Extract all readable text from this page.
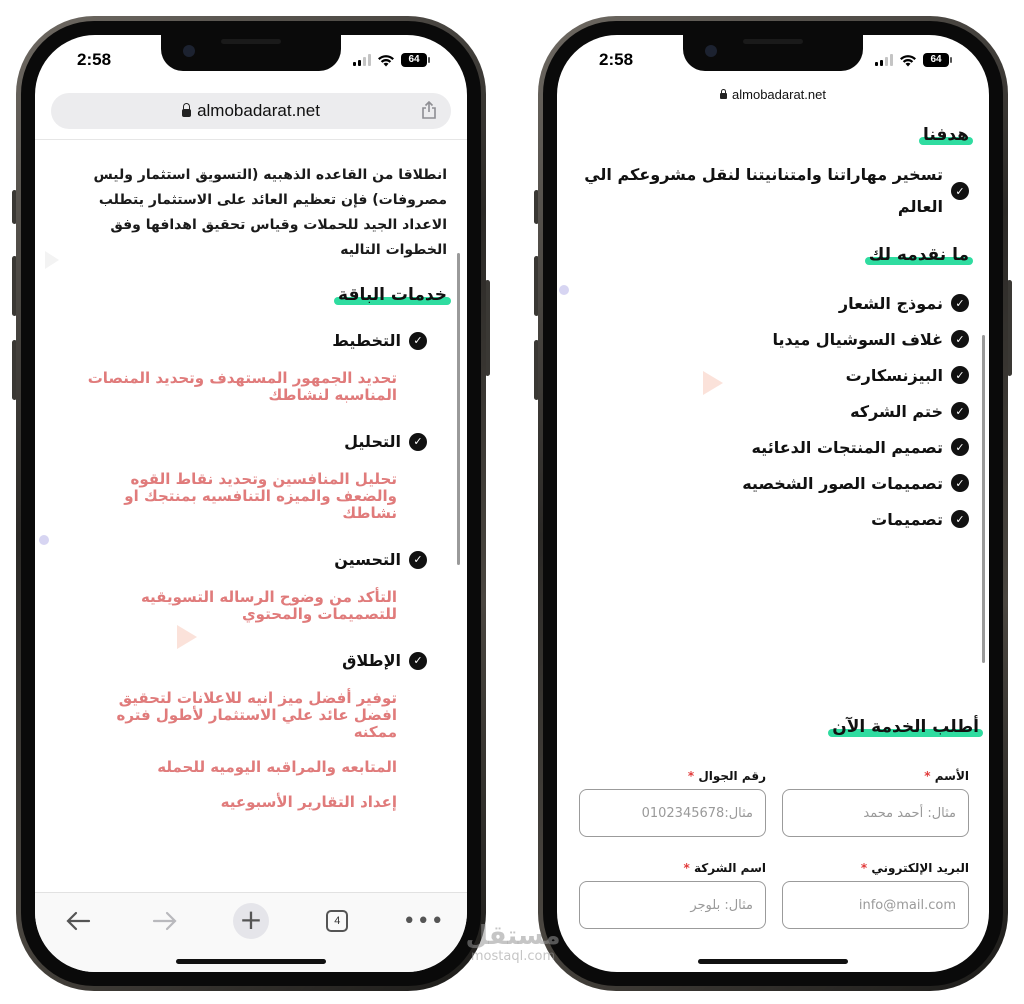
2:58	64
almobadarat.net

انطلاقا من القاعده الذهبيه (التسويق استثمار وليس مصروفات) فإن تعظيم العائد على الاستثمار يتطلب الاعداد الجيد للحملات وقياس تحقيق اهدافها وفق الخطوات التاليه

خدمات الباقة
✓
التخطيط
تحديد الجمهور المستهدف وتحديد المنصات المناسبه لنشاطك
✓
التحليل
تحليل المنافسين وتحديد نقاط القوه والضعف والميزه التنافسيه بمنتجك او نشاطك
✓
التحسين
التأكد من وضوح الرساله التسويقيه للتصميمات والمحتوي
✓
الإطلاق
توفير أفضل ميز انيه للاعلانات لتحقيق افضل عائد علي الاستثمار لأطول فتره ممكنه
المتابعه والمراقبه اليوميه للحمله
إعداد التقارير الأسبوعيه
+	4	•••
2:58	64
almobadarat.net
هدفنا
✓
تسخير مهاراتنا وامتنانيتنا لنقل مشروعكم الي العالم
ما نقدمه لك
✓
نموذج الشعار
✓
غلاف السوشيال ميديا
✓
البيزنسكارت
✓
ختم الشركه
✓
تصميم المنتجات الدعائيه
✓
تصميمات الصور الشخصيه
✓
تصميمات
أطلب الخدمة الآن
الأسم *
مثال: أحمد محمد
رقم الجوال *
مثال:0102345678
البريد الإلكتروني *
info@mail.com
اسم الشركة *
مثال: بلوجر
مستقل
mostaql.com
